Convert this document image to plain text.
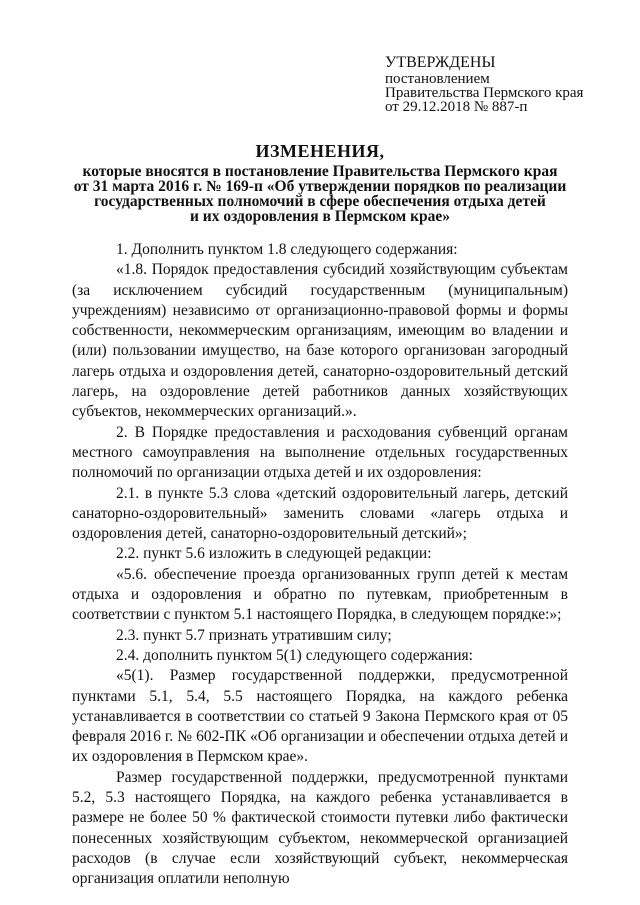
УТВЕРЖДЕНЫ
постановлением
Правительства Пермского края
от 29.12.2018 № 887-п
ИЗМЕНЕНИЯ,
которые вносятся в постановление Правительства Пермского края
от 31 марта 2016 г. № 169-п «Об утверждении порядков по реализации
государственных полномочий в сфере обеспечения отдыха детей
и их оздоровления в Пермском крае»

1. Дополнить пунктом 1.8 следующего содержания:

«1.8. Порядок предоставления субсидий хозяйствующим субъектам (за исключением субсидий государственным (муниципальным) учреждениям) независимо от организационно-правовой формы и формы собственности, некоммерческим организациям, имеющим во владении и (или) пользовании имущество, на базе которого организован загородный лагерь отдыха и оздоровления детей, санаторно-оздоровительный детский лагерь, на оздоровление детей работников данных хозяйствующих субъектов, некоммерческих организаций.».

2. В Порядке предоставления и расходования субвенций органам местного самоуправления на выполнение отдельных государственных полномочий по организации отдыха детей и их оздоровления:

2.1. в пункте 5.3 слова «детский оздоровительный лагерь, детский санаторно-оздоровительный» заменить словами «лагерь отдыха и оздоровления детей, санаторно-оздоровительный детский»;

2.2. пункт 5.6 изложить в следующей редакции:

«5.6. обеспечение проезда организованных групп детей к местам отдыха и оздоровления и обратно по путевкам, приобретенным в соответствии с пунктом 5.1 настоящего Порядка, в следующем порядке:»;

2.3. пункт 5.7 признать утратившим силу;

2.4. дополнить пунктом 5(1) следующего содержания:

«5(1). Размер государственной поддержки, предусмотренной пунктами 5.1, 5.4, 5.5 настоящего Порядка, на каждого ребенка устанавливается в соответствии со статьей 9 Закона Пермского края от 05 февраля 2016 г. № 602-ПК «Об организации и обеспечении отдыха детей и их оздоровления в Пермском крае».

Размер государственной поддержки, предусмотренной пунктами 5.2, 5.3 настоящего Порядка, на каждого ребенка устанавливается в размере не более 50 % фактической стоимости путевки либо фактически понесенных хозяйствующим субъектом, некоммерческой организацией расходов (в случае если хозяйствующий субъект, некоммерческая организация оплатили неполную
